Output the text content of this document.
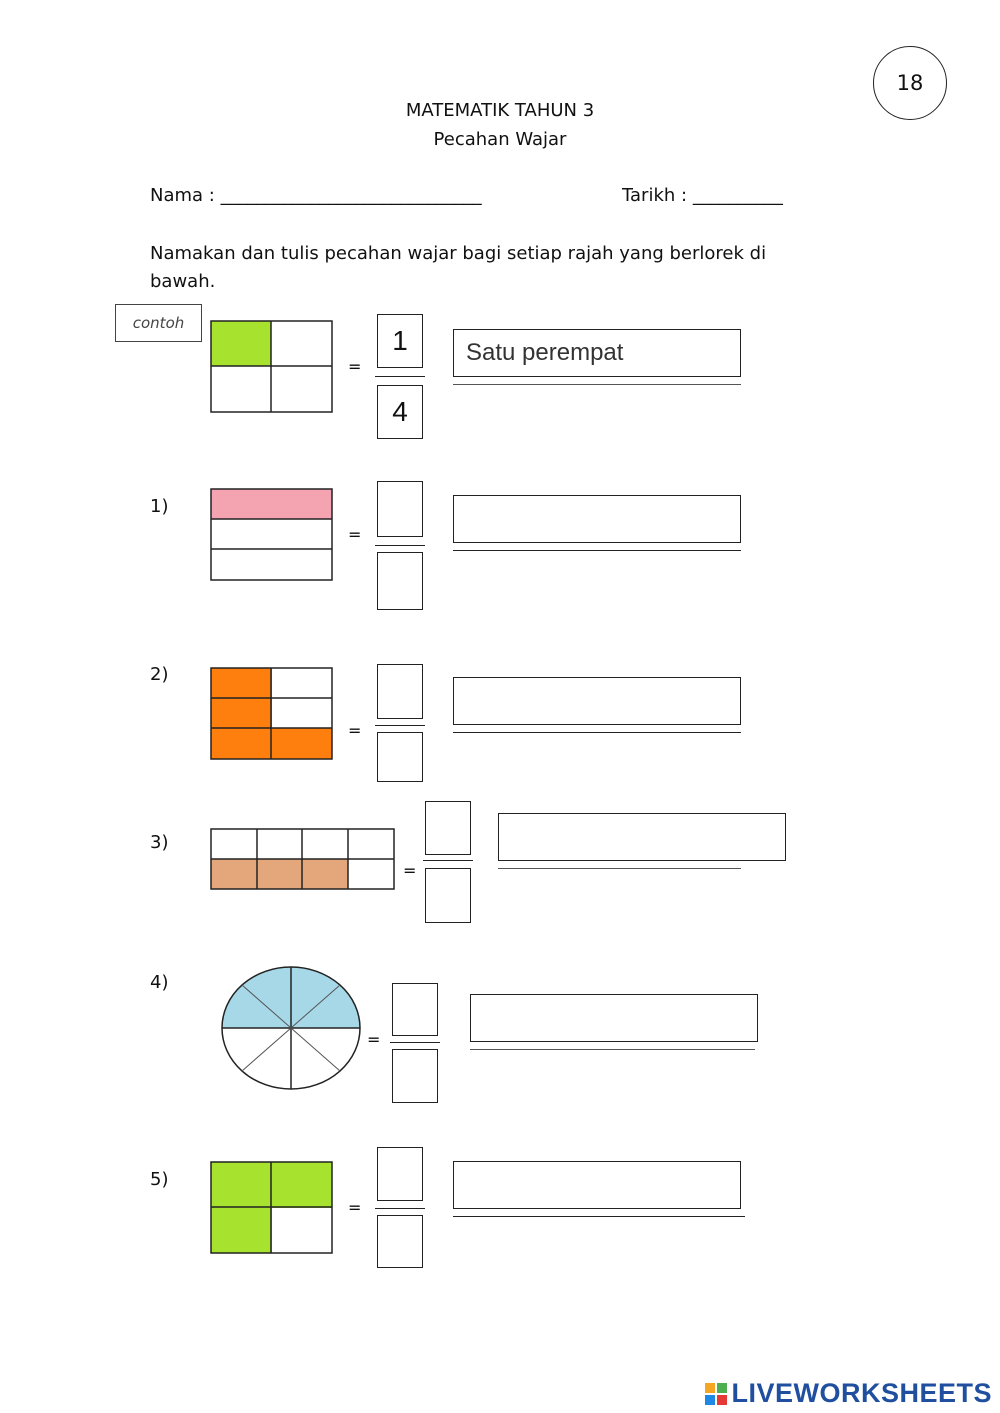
18
MATEMATIK TAHUN 3
Pecahan Wajar
Nama : _____________________________	Tarikh : __________
Namakan dan tulis pecahan wajar bagi setiap rajah yang berlorek di bawah.
contoh
=
1
4
Satu perempat
1)
=
2)
=
3)
=
4)
=
5)
=
LIVEWORKSHEETS
